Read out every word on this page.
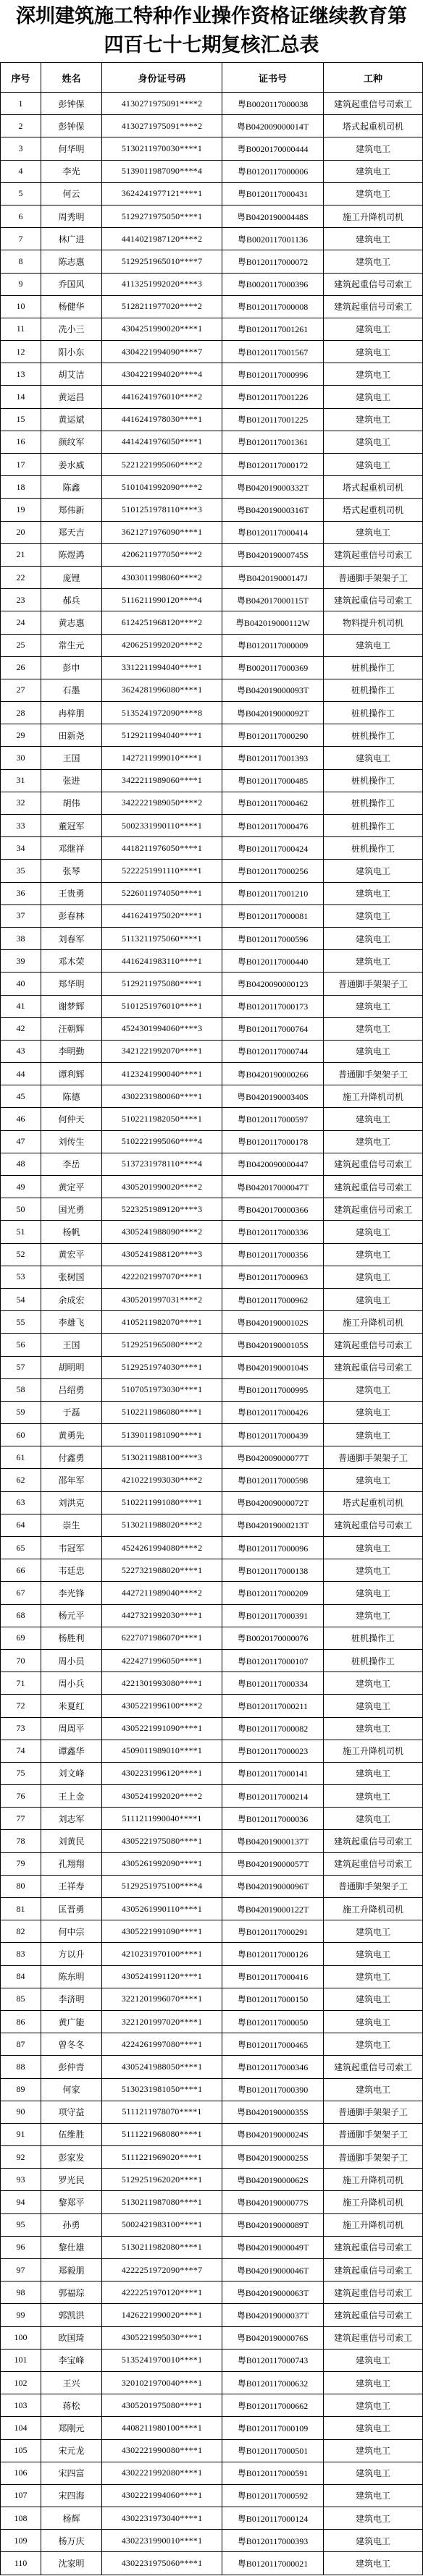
深圳建筑施工特种作业操作资格证继续教育第
四百七十七期复核汇总表
序号	姓名	身份证号码	证书号	工种
1	彭钟保	4130271975091****2	粤B0020117000038	建筑起重信号司索工
2	彭钟保	4130271975091****2	粤B042009000014T	塔式起重机司机
3	何华明	5130211970030****1	粤B0020170000444	建筑电工
4	李光	5139011987090****4	粤B0120117000006	建筑电工
5	何云	3624241977121****1	粤B0120117000431	建筑电工
6	周秀明	5129271975050****1	粤B042019000448S	施工升降机司机
7	林广进	4414021987120****2	粤B0020117001136	建筑电工
8	陈志惠	5129251965010****7	粤B0120117000072	建筑电工
9	乔国风	4113251992020****3	粤B0020117000396	建筑起重信号司索工
10	杨健华	5128211977020****2	粤B0120117000008	建筑起重信号司索工
11	冼小三	4304251990020****1	粤B0120117001261	建筑电工
12	阳小东	4304221994090****7	粤B0120117001567	建筑电工
13	胡艾洁	4304221994020****4	粤B0120117000996	建筑电工
14	黄运昌	4416241976010****2	粤B0120117001226	建筑电工
15	黄运斌	4416241978030****1	粤B0120117001225	建筑电工
16	颜纹军	4414241976050****1	粤B0120117001361	建筑电工
17	姜水威	5221221995060****2	粤B0120117000172	建筑电工
18	陈鑫	5101041992090****2	粤B042019000332T	塔式起重机司机
19	郑伟新	5101251978110****3	粤B042019000316T	塔式起重机司机
20	郑天吉	3621271976090****1	粤B0120117000414	建筑电工
21	陈煜鸿	4206211977050****2	粤B042019000745S	建筑起重信号司索工
22	庞锂	4303011998060****2	粤B042019000147J	普通脚手架架子工
23	郝兵	5116211990120****4	粤B042017000115T	建筑起重信号司索工
24	黄志惠	6124251968120****2	粤B042019000112W	物料提升机司机
25	常生元	4206251992020****2	粤B0120117000009	建筑电工
26	彭申	3312211994040****1	粤B0020117000369	桩机操作工
27	石墨	3624281996080****1	粤B042019000093T	桩机操作工
28	冉梓朋	5135241972090****8	粤B042019000092T	桩机操作工
29	田新尧	5129211994040****1	粤B0120117000290	桩机操作工
30	王国	1427211999010****1	粤B0120117001393	建筑电工
31	张进	3422211989060****1	粤B0120117000485	桩机操作工
32	胡伟	3422221989050****2	粤B0120117000462	桩机操作工
33	董冠军	5002331990110****1	粤B0120117000476	桩机操作工
34	邓继祥	4418211976050****1	粤B0120117000424	桩机操作工
35	张琴	5222251991110****1	粤B0120117000256	建筑电工
36	王贵勇	5226011974050****1	粤B0120117001210	建筑电工
37	彭春林	4416241975020****1	粤B0120117000081	建筑电工
38	刘春军	5113211975060****1	粤B0120117000596	建筑电工
39	邓木荣	4416241983110****1	粤B0120117000440	建筑电工
40	郑华明	5129211975080****1	粤B0420090000123	普通脚手架架子工
41	谢梦辉	5101251976010****1	粤B0120117000173	建筑电工
42	汪朝辉	4524301994060****3	粤B0120117000764	建筑电工
43	李明勤	3421221992070****1	粤B0120117000744	建筑电工
44	谭利辉	4123241990040****1	粤B0420190000266	普通脚手架架子工
45	陈德	4302231980060****1	粤B042019000340S	施工升降机司机
46	何仲天	5102211982050****1	粤B0120117000597	建筑电工
47	刘传生	5102221995060****4	粤B0120117000178	建筑电工
48	李岳	5137231978110****4	粤B0420090000447	建筑起重信号司索工
49	黄定平	4305201990020****2	粤B042017000047T	建筑起重信号司索工
50	国光勇	5223251989120****3	粤B0420170000366	建筑起重信号司索工
51	杨帆	4305241988090****2	粤B0120117000336	建筑电工
52	黄宏平	4305241988120****3	粤B0120117000356	建筑电工
53	张树国	4222021997070****1	粤B0120117000963	建筑电工
54	余成宏	4305201997031****2	粤B0120117000962	建筑电工
55	李雄飞	4105211982070****1	粤B042019000102S	施工升降机司机
56	王国	5129251965080****2	粤B042019000105S	建筑起重信号司索工
57	胡明明	5129251974030****1	粤B042019000104S	建筑起重信号司索工
58	吕绍勇	5107051973030****1	粤B0120117000995	建筑电工
59	于磊	5102211986080****1	粤B0120117000426	建筑电工
60	黄勇先	5139011981090****1	粤B0120117000439	建筑电工
61	付鑫勇	5130211988100****3	粤B042009000077T	普通脚手架架子工
62	邵年军	4210221993030****2	粤B0120117000598	建筑电工
63	刘洪克	5102211991080****1	粤B042009000072T	塔式起重机司机
64	崇生	5130211988020****2	粤B042019000213T	建筑起重信号司索工
65	韦冠军	4524261994080****2	粤B0120117000096	建筑电工
66	韦廷忠	5227321988020****1	粤B0120117000138	建筑电工
67	李光锋	4427211989040****2	粤B0120117000209	建筑电工
68	杨元平	4427321992030****1	粤B0120117000391	建筑电工
69	杨胜利	6227071986070****1	粤B0020170000076	桩机操作工
70	周小员	4224271996050****1	粤B0120117000107	桩机操作工
71	周小兵	4221301993080****1	粤B0120117000334	建筑电工
72	米夏红	4305221996100****2	粤B0120117000211	建筑电工
73	周周平	4305221991090****1	粤B0120117000082	建筑电工
74	谭鑫华	4509011989010****1	粤B0120117000023	施工升降机司机
75	刘文峰	4302231996120****1	粤B0120117000141	建筑电工
76	王上金	4305241992020****2	粤B0120117000214	建筑电工
77	刘志军	5111211990040****1	粤B0120117000036	建筑电工
78	刘黄民	4305221975080****1	粤B042019000137T	建筑起重信号司索工
79	孔翔翔	4305261992090****1	粤B042019000057T	建筑起重信号司索工
80	王祥寿	5129251975100****4	粤B042019000096T	普通脚手架架子工
81	匡晋勇	4305261990110****1	粤B042019000122T	施工升降机司机
82	何中宗	4305221991090****1	粤B0120117000291	建筑电工
83	方以升	4210231970100****1	粤B0120117000126	建筑电工
84	陈东明	4305241991120****1	粤B0120117000416	建筑电工
85	李济明	3221201996070****1	粤B0120117000150	建筑电工
86	黄广能	3221201997020****1	粤B0120117000050	建筑电工
87	曾冬冬	4224261997080****1	粤B0120117000465	建筑电工
88	彭仲青	4305241988050****1	粤B0120117000346	建筑起重信号司索工
89	何家	5130231981050****1	粤B0120117000390	建筑电工
90	项守益	5111211978070****1	粤B042019000035S	普通脚手架架子工
91	伍维胜	5111221968080****1	粤B042019000024S	普通脚手架架子工
92	彭家发	5111221969020****1	粤B042019000025S	普通脚手架架子工
93	罗光民	5129251962020****1	粤B042019000062S	施工升降机司机
94	黎郑平	5130211987080****1	粤B042019000077S	施工升降机司机
95	孙勇	5002421983100****1	粤B042019000089T	施工升降机司机
96	黎仕雄	5130211982080****1	粤B042019000049T	建筑起重信号司索工
97	郑毅朋	4222251972090****7	粤B042019000046T	建筑起重信号司索工
98	郭福琮	4222251970120****1	粤B042019000063T	建筑起重信号司索工
99	郭凯洪	1426221990020****1	粤B042019000037T	建筑起重信号司索工
100	欧国琦	4305221995030****1	粤B042019000076S	建筑起重信号司索工
101	李宝峰	5135241970010****1	粤B0120117000743	建筑电工
102	王兴	3201021970040****1	粤B0120117000632	建筑电工
103	蒋松	4305201975080****1	粤B0120117000662	建筑电工
104	郑刚元	4408211980100****1	粤B0120117000109	建筑电工
105	宋元龙	4302221990080****1	粤B0120117000501	建筑电工
106	宋四富	4302221992080****1	粤B0120117000591	建筑电工
107	宋四海	4302221994060****1	粤B0120117000592	建筑电工
108	杨辉	4302231973040****1	粤B0120117000124	建筑电工
109	杨万庆	4302231990010****1	粤B0120117000393	建筑电工
110	沈家明	4302231975060****1	粤B0120117000021	建筑电工
